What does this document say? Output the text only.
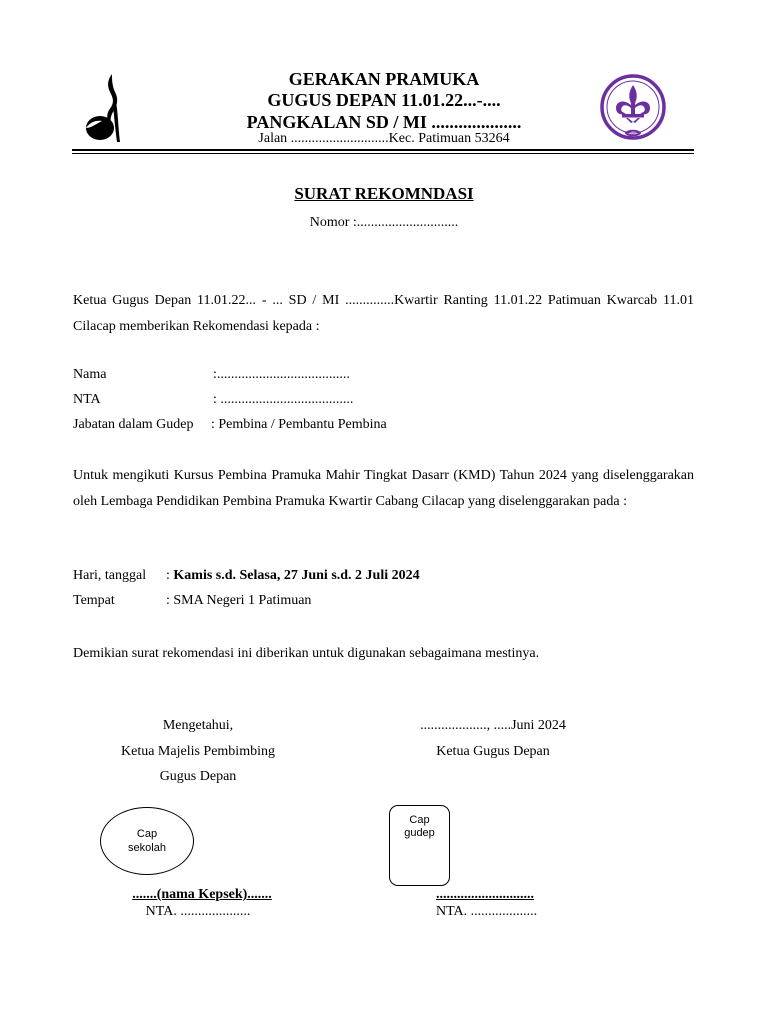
GERAKAN PRAMUKA
GUGUS DEPAN 11.01.22...-....
PANGKALAN SD / MI ....................
Jalan ............................Kec. Patimuan 53264
SURAT REKOMNDASI
Nomor :.............................
Ketua Gugus Depan 11.01.22... - ... SD / MI ..............Kwartir Ranting 11.01.22 Patimuan Kwarcab 11.01 Cilacap memberikan Rekomendasi kepada :
Nama	:......................................
NTA	: ......................................
Jabatan dalam Gudep : Pembina / Pembantu Pembina
Untuk mengikuti Kursus Pembina Pramuka Mahir Tingkat Dasarr (KMD) Tahun 2024 yang diselenggarakan oleh Lembaga Pendidikan Pembina Pramuka Kwartir Cabang Cilacap yang diselenggarakan pada :
Hari, tanggal : Kamis s.d. Selasa, 27 Juni s.d. 2 Juli 2024
Tempat	: SMA Negeri 1 Patimuan
Demikian surat rekomendasi ini diberikan untuk digunakan sebagaimana mestinya.
Mengetahui,
Ketua Majelis Pembimbing
Gugus Depan
Cap
sekolah
.......(nama Kepsek).......
NTA. ....................
..................., .....Juni 2024
Ketua Gugus Depan
Cap
gudep
............................
NTA. ...................
